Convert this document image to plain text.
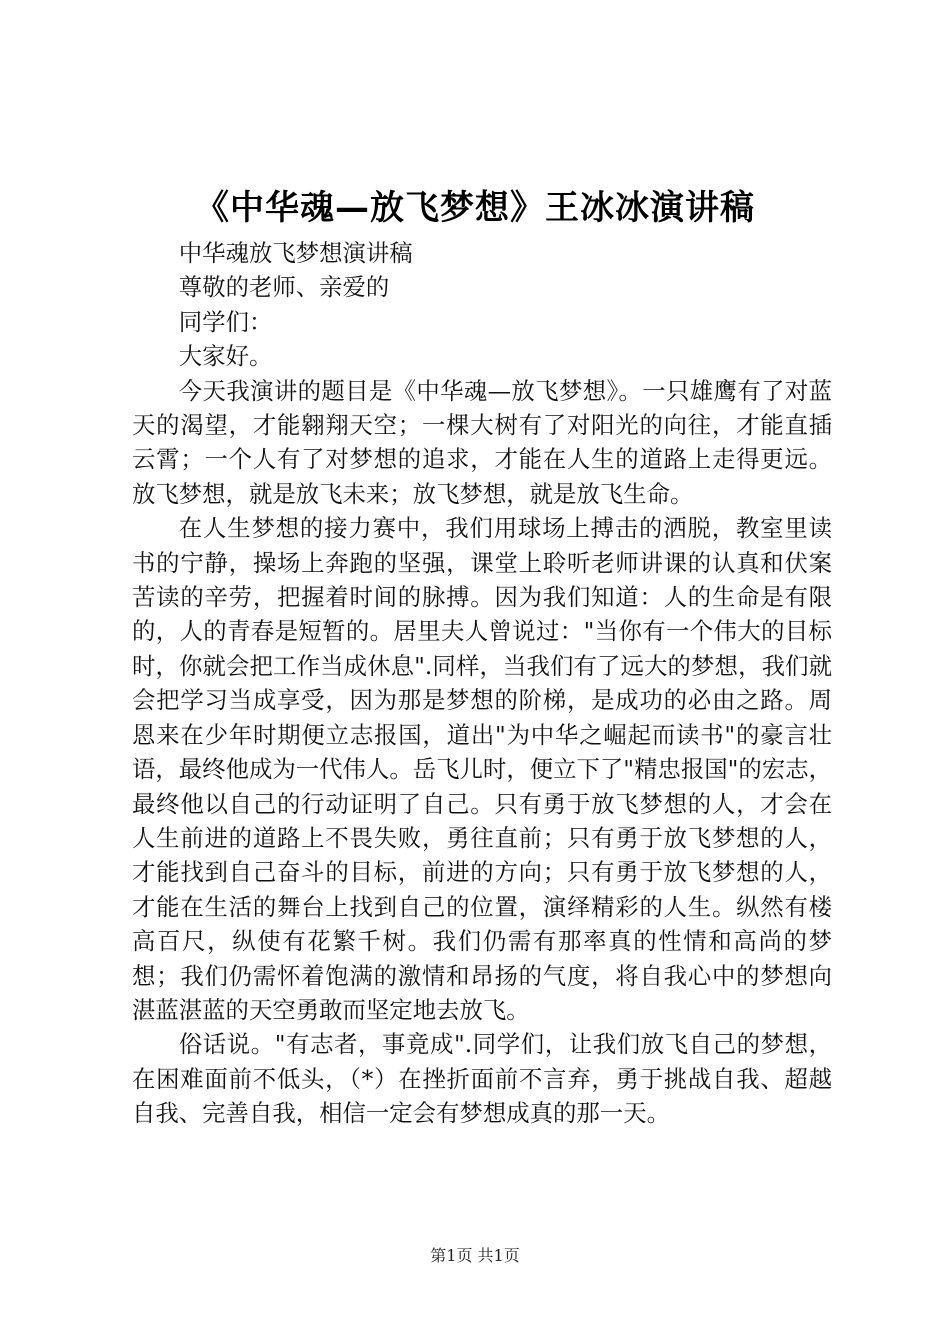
《中华魂—放飞梦想》王冰冰演讲稿

中华魂放飞梦想演讲稿

尊敬的老师、亲爱的

同学们：

大家好。

今天我演讲的题目是《中华魂—放飞梦想》。一只雄鹰有了对蓝天的渴望，才能翱翔天空；一棵大树有了对阳光的向往，才能直插云霄；一个人有了对梦想的追求，才能在人生的道路上走得更远。放飞梦想，就是放飞未来；放飞梦想，就是放飞生命。

在人生梦想的接力赛中，我们用球场上搏击的洒脱，教室里读书的宁静，操场上奔跑的坚强，课堂上聆听老师讲课的认真和伏案苦读的辛劳，把握着时间的脉搏。因为我们知道：人的生命是有限的，人的青春是短暂的。居里夫人曾说过："当你有一个伟大的目标时，你就会把工作当成休息".同样，当我们有了远大的梦想，我们就会把学习当成享受，因为那是梦想的阶梯，是成功的必由之路。周恩来在少年时期便立志报国，道出"为中华之崛起而读书"的豪言壮语，最终他成为一代伟人。岳飞儿时，便立下了"精忠报国"的宏志，最终他以自己的行动证明了自己。只有勇于放飞梦想的人，才会在人生前进的道路上不畏失败，勇往直前；只有勇于放飞梦想的人，才能找到自己奋斗的目标，前进的方向；只有勇于放飞梦想的人，才能在生活的舞台上找到自己的位置，演绎精彩的人生。纵然有楼高百尺，纵使有花繁千树。我们仍需有那率真的性情和高尚的梦想；我们仍需怀着饱满的激情和昂扬的气度，将自我心中的梦想向湛蓝湛蓝的天空勇敢而坚定地去放飞。

俗话说。"有志者，事竟成".同学们，让我们放飞自己的梦想，在困难面前不低头，（*）在挫折面前不言弃，勇于挑战自我、超越自我、完善自我，相信一定会有梦想成真的那一天。

第1页 共1页
